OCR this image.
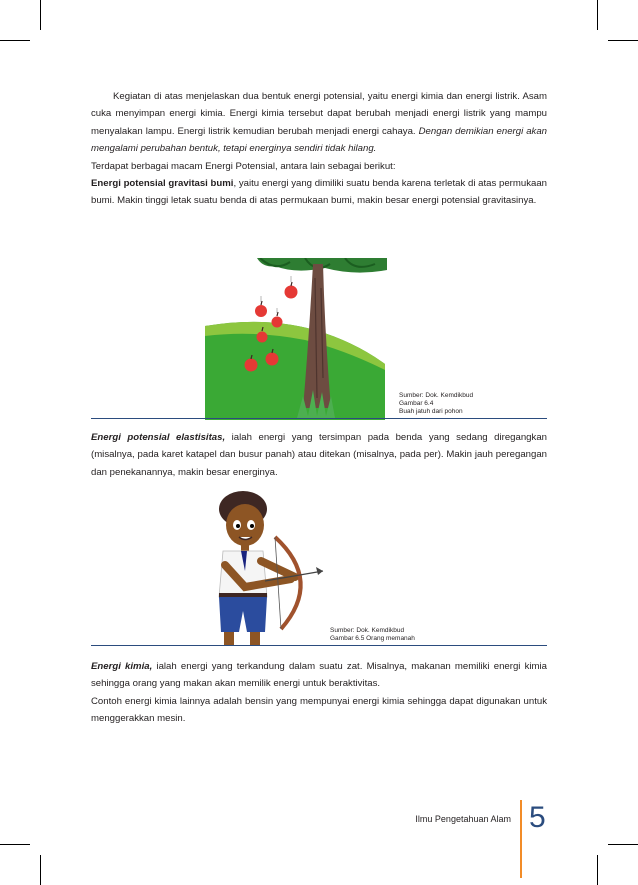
Kegiatan di atas menjelaskan dua bentuk energi potensial, yaitu energi kimia dan energi listrik. Asam cuka menyimpan energi kimia. Energi kimia tersebut dapat berubah menjadi energi listrik yang mampu menyalakan lampu. Energi listrik kemudian berubah menjadi energi cahaya. Dengan demikian energi akan mengalami perubahan bentuk, tetapi energinya sendiri tidak hilang.

Terdapat berbagai macam Energi Potensial, antara lain sebagai berikut:

Energi potensial gravitasi bumi, yaitu energi yang dimiliki suatu benda karena terletak di atas permukaan bumi. Makin tinggi letak suatu benda di atas permukaan bumi, makin besar energi potensial gravitasinya.

Sumber: Dok. Kemdikbud
Gambar 6.4
Buah jatuh dari pohon

Energi potensial elastisitas, ialah energi yang tersimpan pada benda yang sedang diregangkan (misalnya, pada karet katapel dan busur panah) atau ditekan (misalnya, pada per). Makin jauh peregangan dan penekanannya, makin besar energinya.

Sumber: Dok. Kemdikbud
Gambar 6.5 Orang memanah

Energi kimia, ialah energi yang terkandung dalam suatu zat. Misalnya, makanan memiliki energi kimia sehingga orang yang makan akan memilik energi untuk beraktivitas.
Contoh energi kimia lainnya adalah bensin yang mempunyai energi kimia sehingga dapat digunakan untuk menggerakkan mesin.

Ilmu Pengetahuan Alam 5
